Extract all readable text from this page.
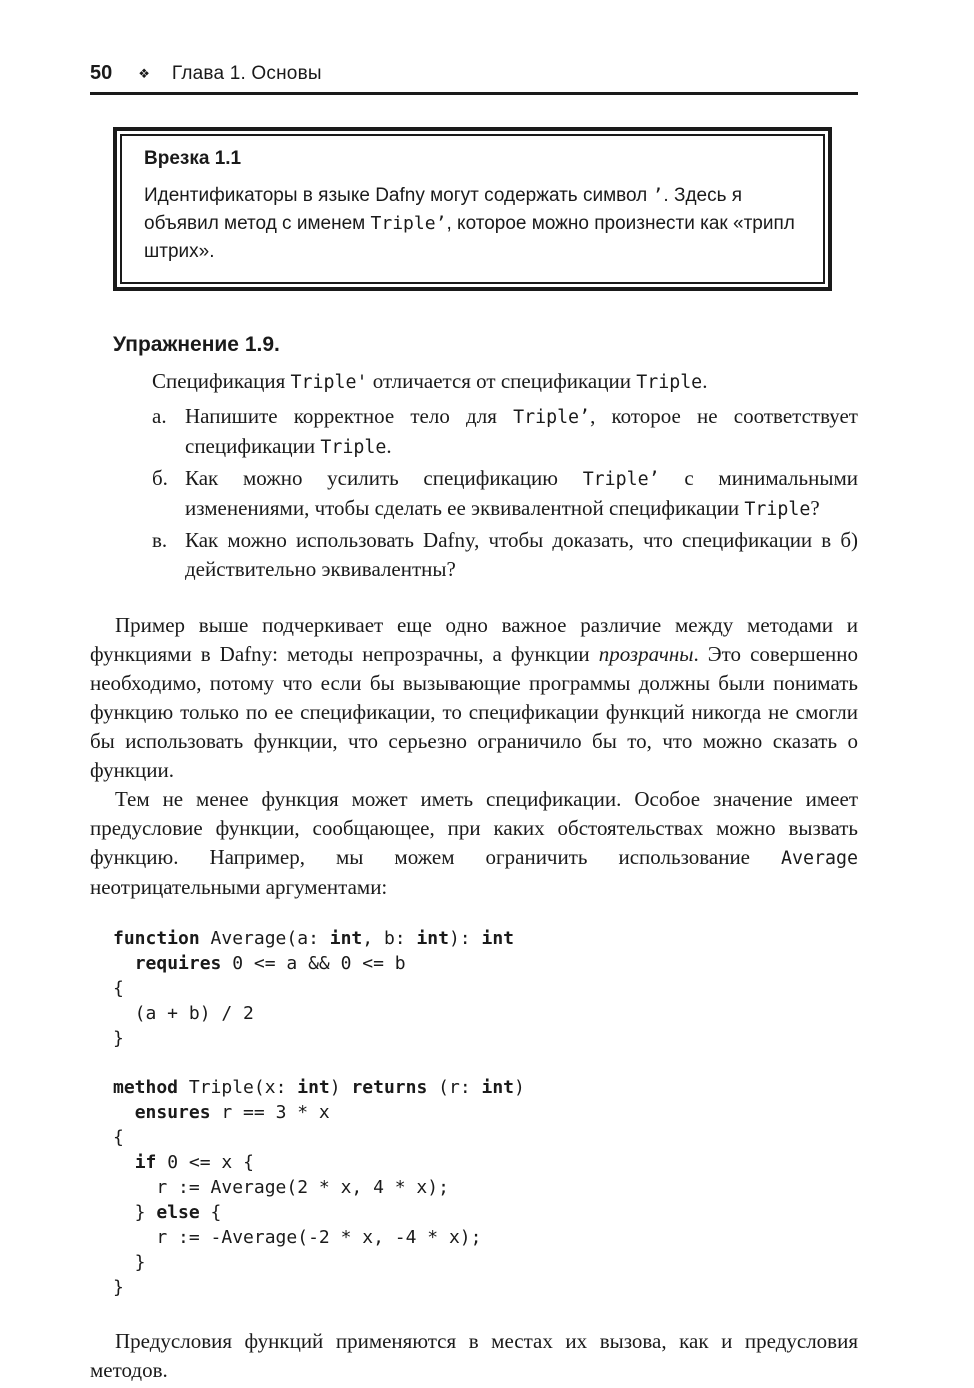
50 ❖ Глава 1. Основы
Врезка 1.1

Идентификаторы в языке Dafny могут содержать символ ’. Здесь я объявил метод с именем Triple’, которое можно произнести как «трипл штрих».

Упражнение 1.9.

Спецификация Triple' отличается от спецификации Triple.

а. Напишите корректное тело для Triple’, которое не соответствует спецификации Triple.
б. Как можно усилить спецификацию Triple’ с минимальными изменениями, чтобы сделать ее эквивалентной спецификации Triple?
в. Как можно использовать Dafny, чтобы доказать, что спецификации в б) действительно эквивалентны?

Пример выше подчеркивает еще одно важное различие между методами и функциями в Dafny: методы непрозрачны, а функции прозрачны. Это совершенно необходимо, потому что если бы вызывающие программы должны были понимать функцию только по ее спецификации, то спецификации функций никогда не смогли бы использовать функции, что серьезно ограничило бы то, что можно сказать о функции.

Тем не менее функция может иметь спецификации. Особое значение имеет предусловие функции, сообщающее, при каких обстоятельствах можно вызвать функцию. Например, мы можем ограничить использование Average неотрицательными аргументами:

function Average(a: int, b: int): int
requires 0 <= a && 0 <= b
{
(a + b) / 2
}
method Triple(x: int) returns (r: int)
ensures r == 3 * x
{
if 0 <= x {
r := Average(2 * x, 4 * x);
} else {
r := -Average(-2 * x, -4 * x);
}
}

Предусловия функций применяются в местах их вызова, как и предусловия методов.
